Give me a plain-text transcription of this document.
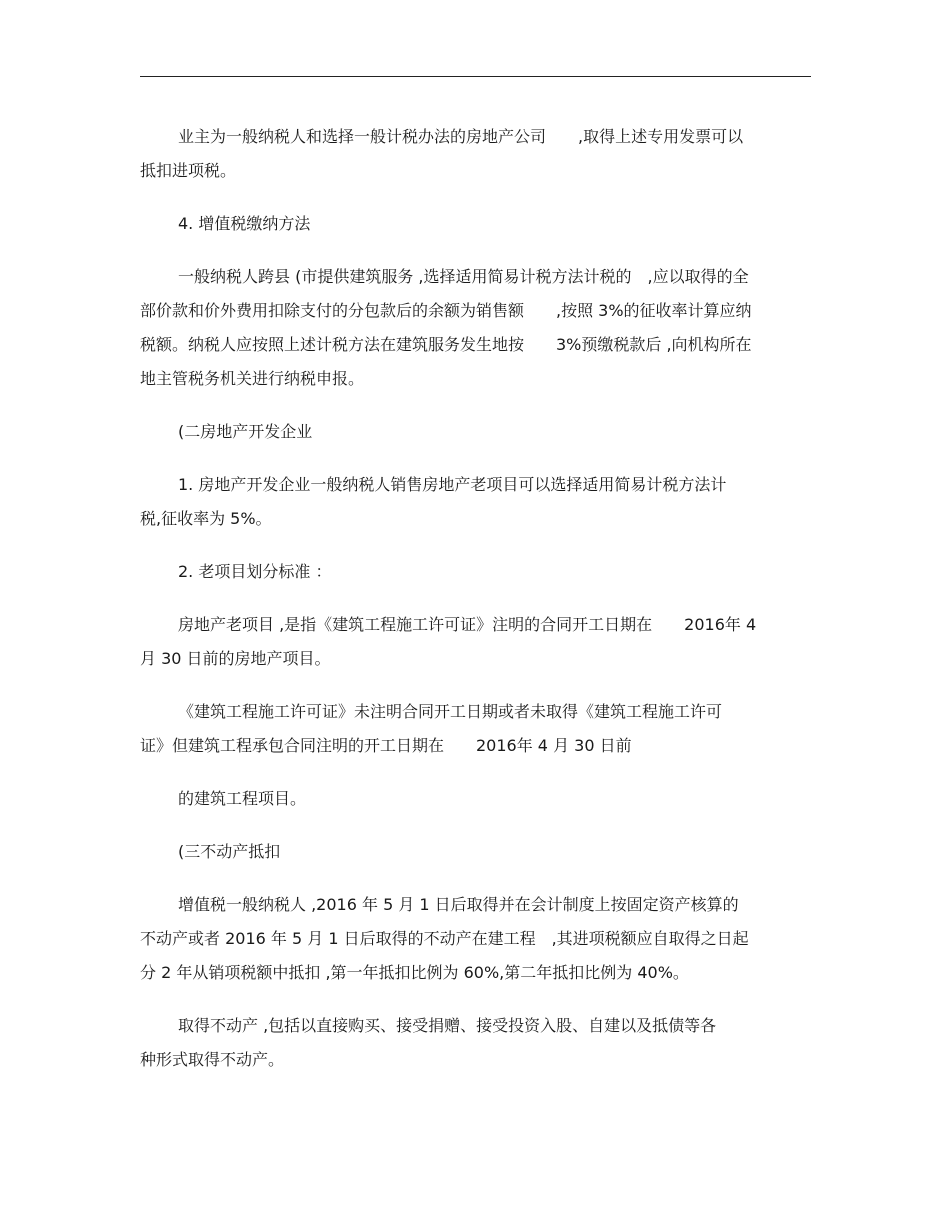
业主为一般纳税人和选择一般计税办法的房地产公司　　,取得上述专用发票可以
抵扣进项税。

4. 增值税缴纳方法

一般纳税人跨县 (市提供建筑服务 ,选择适用简易计税方法计税的　,应以取得的全
部价款和价外费用扣除支付的分包款后的余额为销售额　　,按照 3%的征收率计算应纳
税额。纳税人应按照上述计税方法在建筑服务发生地按　　3%预缴税款后 ,向机构所在
地主管税务机关进行纳税申报。

(二房地产开发企业

1. 房地产开发企业一般纳税人销售房地产老项目可以选择适用简易计税方法计
税,征收率为 5%。

2. 老项目划分标准 ：

房地产老项目 ,是指《建筑工程施工许可证》注明的合同开工日期在　　2016年 4
月 30 日前的房地产项目。

《建筑工程施工许可证》未注明合同开工日期或者未取得《建筑工程施工许可
证》但建筑工程承包合同注明的开工日期在　　2016年 4 月 30 日前

的建筑工程项目。

(三不动产抵扣

增值税一般纳税人 ,2016 年 5 月 1 日后取得并在会计制度上按固定资产核算的
不动产或者 2016 年 5 月 1 日后取得的不动产在建工程　,其进项税额应自取得之日起
分 2 年从销项税额中抵扣 ,第一年抵扣比例为 60%,第二年抵扣比例为 40%。

取得不动产 ,包括以直接购买、接受捐赠、接受投资入股、自建以及抵债等各
种形式取得不动产。
